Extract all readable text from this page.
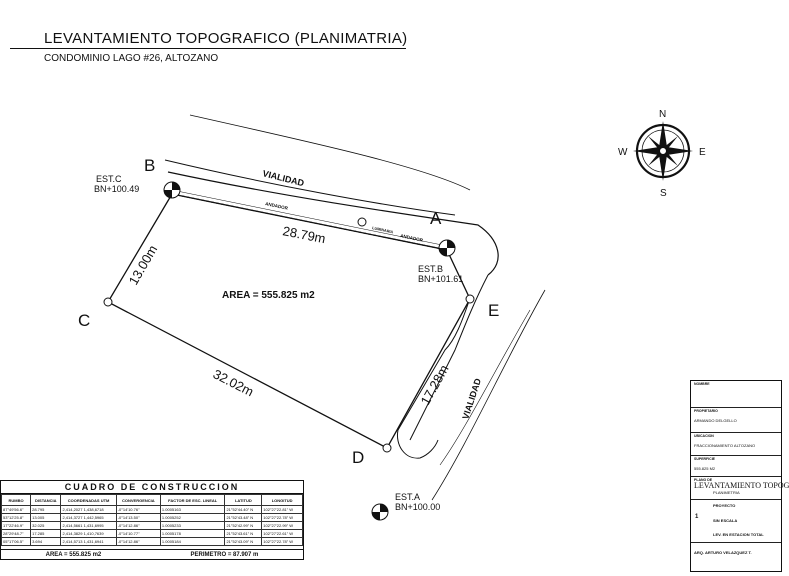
VIALIDAD
VIALIDAD
ANDADOR
ANDADOR
LUMINARIA
AREA = 555.825 m2
B
A
C
E
D
28.79m
13.00m
32.02m	17.28m
EST.C
BN+100.49
EST.B
BN+101.61
EST.A
BN+100.00
N
S
E
W
LEVANTAMIENTO TOPOGRAFICO (PLANIMATRIA)
CONDOMINIO LAGO #26, ALTOZANO
CUADRO DE CONSTRUCCION
RUMBO	DISTANCIA	COORDENADAS UTM	CONVERGENCIA	FACTOR DE ESC. LINEAL	LATITUD	LONGITUD
87°49'56.6"	28.795	2,414,2027 1,438,6718	-0°14'10.76"	1.0005163	21°52'44.40" N	102°27'22.81" W
53°12'25.8"	13.005	2,414,3727 1,442,5965	-0°14'13.50"	1.0005252	21°52'43.48" N	102°27'22.78" W
17°22'46.9"	32.025	2,414,5661 1,431,6995	-0°14'12.86"	1.0005233	21°52'42.99" N	102°27'22.99" W
28°29'48.7"	17.285	2,414,3829 1,410,7639	-0°14'10.77"	1.0005178	21°52'43.61" N	102°27'22.61" W
05°17'06.5"	3.694	2,414,5713 1,431,6941	-0°14'12.86"	1.0005184	21°52'43.09" N	102°27'22.78" W
AREA = 555.825 m2	PERIMETRO = 87.907 m
NOMBRE
PROPIETARIO
ARMANDO DELGELLO
UBICACION
FRACCIONAMIENTO ALTOZANO
SUPERFICIE
555.825 M2
PLANO DE
LEVANTAMIENTO TOPOG
PLANIMETRIA
1
PROYECTO
SIN ESCALA
LEV. EN ESTACION TOTAL
ARQ. ARTURO VELAZQUEZ T.
